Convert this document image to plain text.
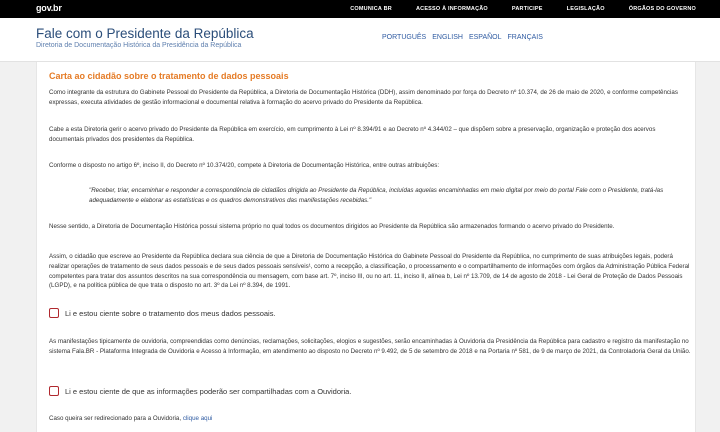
gov.br	COMUNICA BR	ACESSO À INFORMAÇÃO	PARTICIPE	LEGISLAÇÃO	ÓRGÃOS DO GOVERNO
Fale com o Presidente da República
Diretoria de Documentação Histórica da Presidência da República
PORTUGUÊS ENGLISH ESPAÑOL FRANÇAIS
Carta ao cidadão sobre o tratamento de dados pessoais

Como integrante da estrutura do Gabinete Pessoal do Presidente da República, a Diretoria de Documentação Histórica (DDH), assim denominado por força do Decreto nº 10.374, de 26 de maio de 2020, e conforme competências expressas, executa atividades de gestão informacional e documental relativa à formação do acervo privado do Presidente da República.

Cabe a esta Diretoria gerir o acervo privado do Presidente da República em exercício, em cumprimento à Lei nº 8.394/91 e ao Decreto nº 4.344/02 – que dispõem sobre a preservação, organização e proteção dos acervos documentais privados dos presidentes da República.

Conforme o disposto no artigo 6º, inciso II, do Decreto nº 10.374/20, compete à Diretoria de Documentação Histórica, entre outras atribuições:

"Receber, triar, encaminhar e responder a correspondência de cidadãos dirigida ao Presidente da República, incluídas aquelas encaminhadas em meio digital por meio do portal Fale com o Presidente, tratá-las adequadamente e elaborar as estatísticas e os quadros demonstrativos das manifestações recebidas."

Nesse sentido, a Diretoria de Documentação Histórica possui sistema próprio no qual todos os documentos dirigidos ao Presidente da República são armazenados formando o acervo privado do Presidente.

Assim, o cidadão que escreve ao Presidente da República declara sua ciência de que a Diretoria de Documentação Histórica do Gabinete Pessoal do Presidente da República, no cumprimento de suas atribuições legais, poderá realizar operações de tratamento de seus dados pessoais e de seus dados pessoais sensíveis¹, como a recepção, a classificação, o processamento e o compartilhamento de informações com órgãos da Administração Pública Federal competentes para tratar dos assuntos descritos na sua correspondência ou mensagem, com base art. 7º, inciso III, ou no art. 11, inciso II, alínea b, Lei nº 13.709, de 14 de agosto de 2018 - Lei Geral de Proteção de Dados Pessoais (LGPD), e na política pública de que trata o disposto no art. 3º da Lei nº 8.394, de 1991.

Li e estou ciente sobre o tratamento dos meus dados pessoais.

As manifestações tipicamente de ouvidoria, compreendidas como denúncias, reclamações, solicitações, elogios e sugestões, serão encaminhadas à Ouvidoria da Presidência da República para cadastro e registro da manifestação no sistema Fala.BR - Plataforma Integrada de Ouvidoria e Acesso à Informação, em atendimento ao disposto no Decreto nº 9.492, de 5 de setembro de 2018 e na Portaria nº 581, de 9 de março de 2021, da Controladoria Geral da União.

Li e estou ciente de que as informações poderão ser compartilhadas com a Ouvidoria.
Caso queira ser redirecionado para a Ouvidoria, clique aqui
